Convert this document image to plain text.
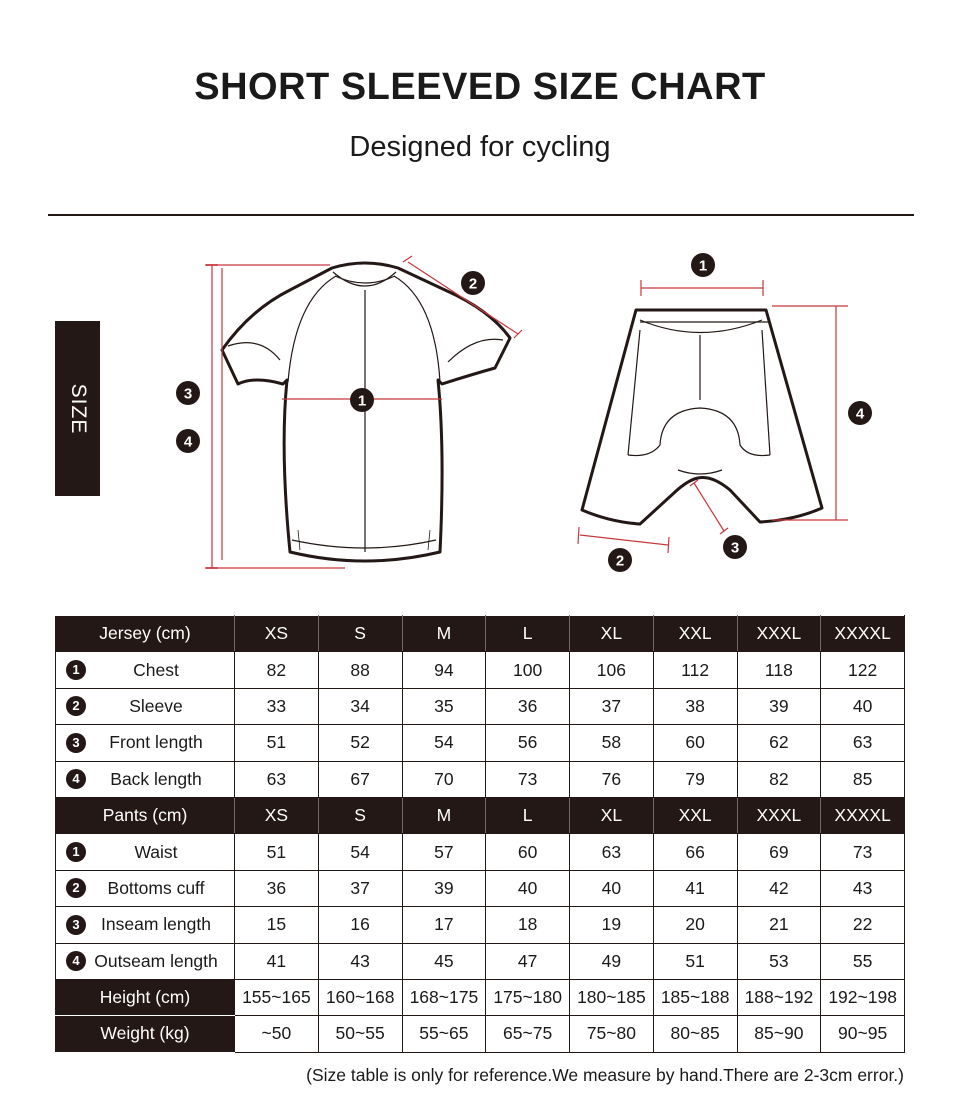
SHORT SLEEVED SIZE CHART
Designed for cycling
SIZE	1
2
3
4
1
2
3
4
Jersey (cm)	XS	S	M	L	XL	XXL	XXXL	XXXXL

1 Chest	82	88	94	100	106	112	118	122

2 Sleeve	33	34	35	36	37	38	39	40

3 Front length	51	52	54	56	58	60	62	63

4 Back length	63	67	70	73	76	79	82	85
Pants (cm)	XS	S	M	L	XL	XXL	XXXL	XXXXL

1 Waist	51	54	57	60	63	66	69	73

2 Bottoms cuff	36	37	39	40	40	41	42	43

3 Inseam length	15	16	17	18	19	20	21	22

4 Outseam length	41	43	45	47	49	51	53	55
Height (cm)	155~165	160~168	168~175	175~180	180~185	185~188	188~192	192~198
Weight (kg)	~50	50~55	55~65	65~75	75~80	80~85	85~90	90~95
(Size table is only for reference.We measure by hand.There are 2-3cm error.)
